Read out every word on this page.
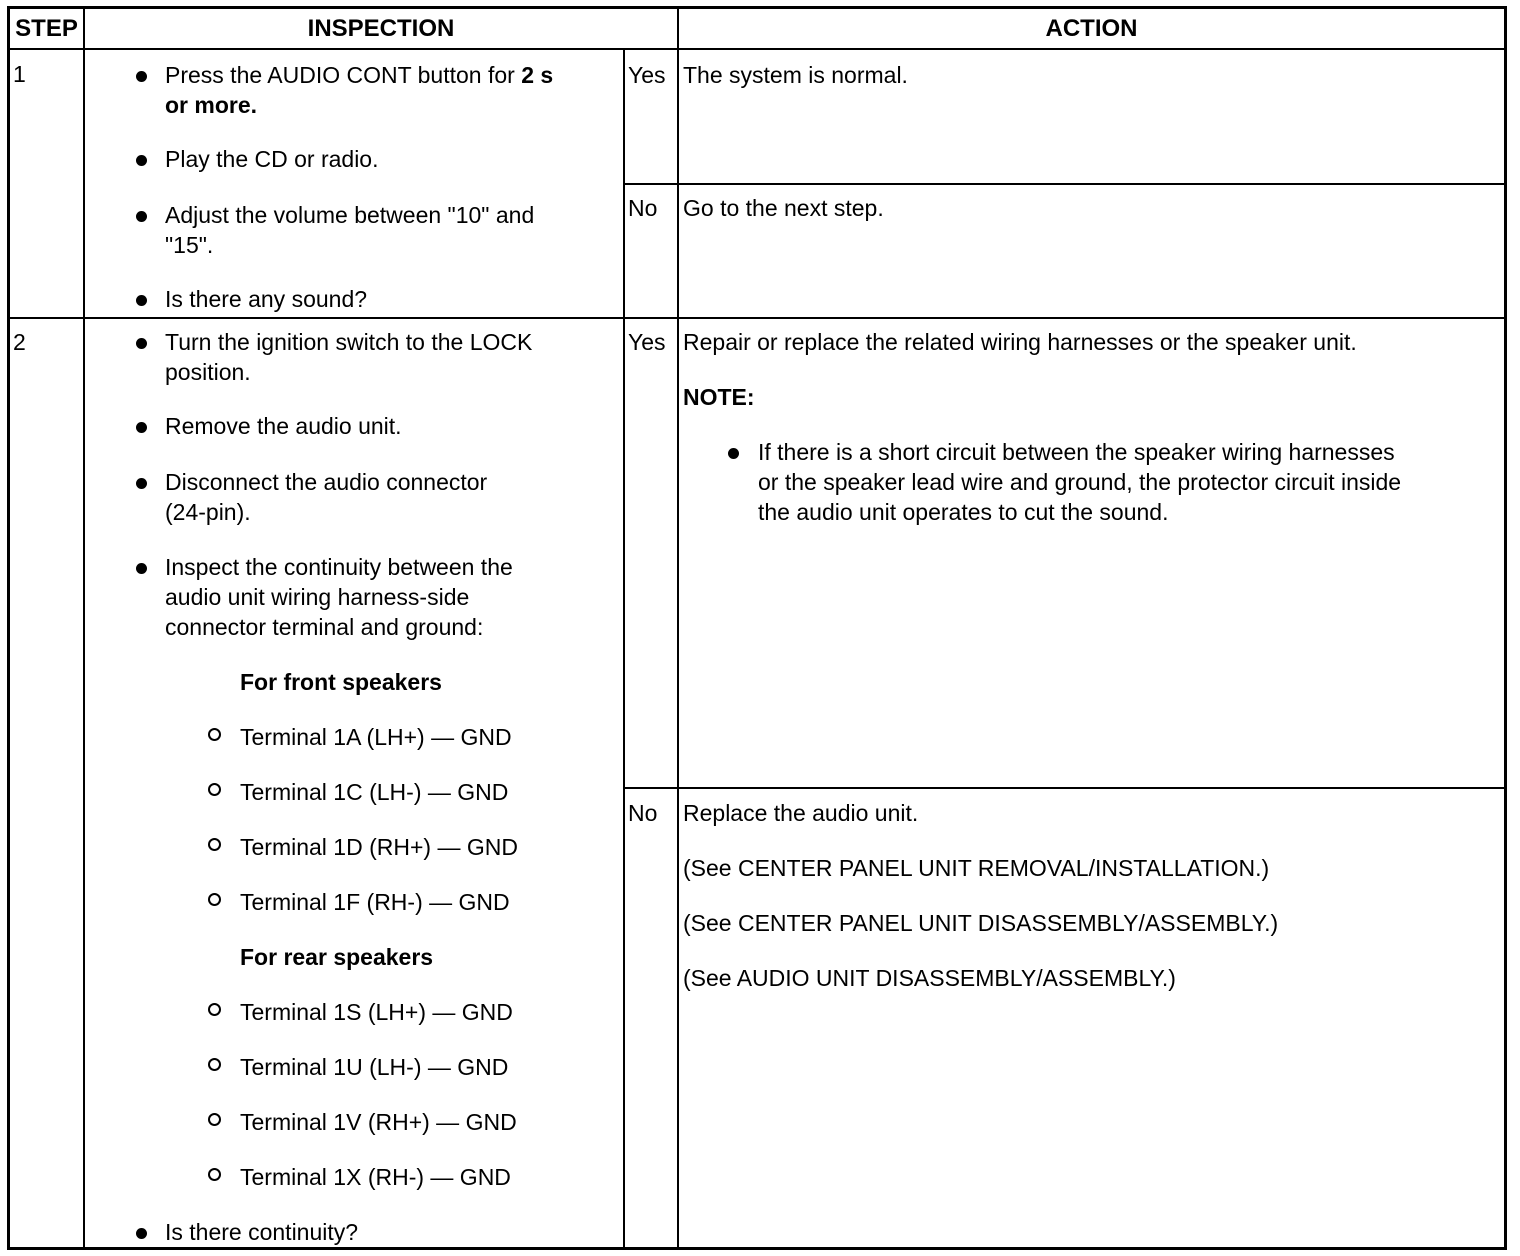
STEP	INSPECTION	ACTION
1	Press the AUDIO CONT button for 2 s
or more.
Play the CD or radio.
Adjust the volume between "10" and
"15".
Is there any sound?
Yes The system is normal.
No Go to the next step.
2	Turn the ignition switch to the LOCK
position.
Remove the audio unit.
Disconnect the audio connector
(24-pin).
Inspect the continuity between the
audio unit wiring harness-side
connector terminal and ground:
For front speakers
Terminal 1A (LH+) — GND
Terminal 1C (LH-) — GND
Terminal 1D (RH+) — GND
Terminal 1F (RH-) — GND
For rear speakers
Terminal 1S (LH+) — GND
Terminal 1U (LH-) — GND
Terminal 1V (RH+) — GND
Terminal 1X (RH-) — GND
Is there continuity?
Yes Repair or replace the related wiring harnesses or the speaker unit.
NOTE:
If there is a short circuit between the speaker wiring harnesses
or the speaker lead wire and ground, the protector circuit inside
the audio unit operates to cut the sound.
No Replace the audio unit.
(See CENTER PANEL UNIT REMOVAL/INSTALLATION.)
(See CENTER PANEL UNIT DISASSEMBLY/ASSEMBLY.)
(See AUDIO UNIT DISASSEMBLY/ASSEMBLY.)
